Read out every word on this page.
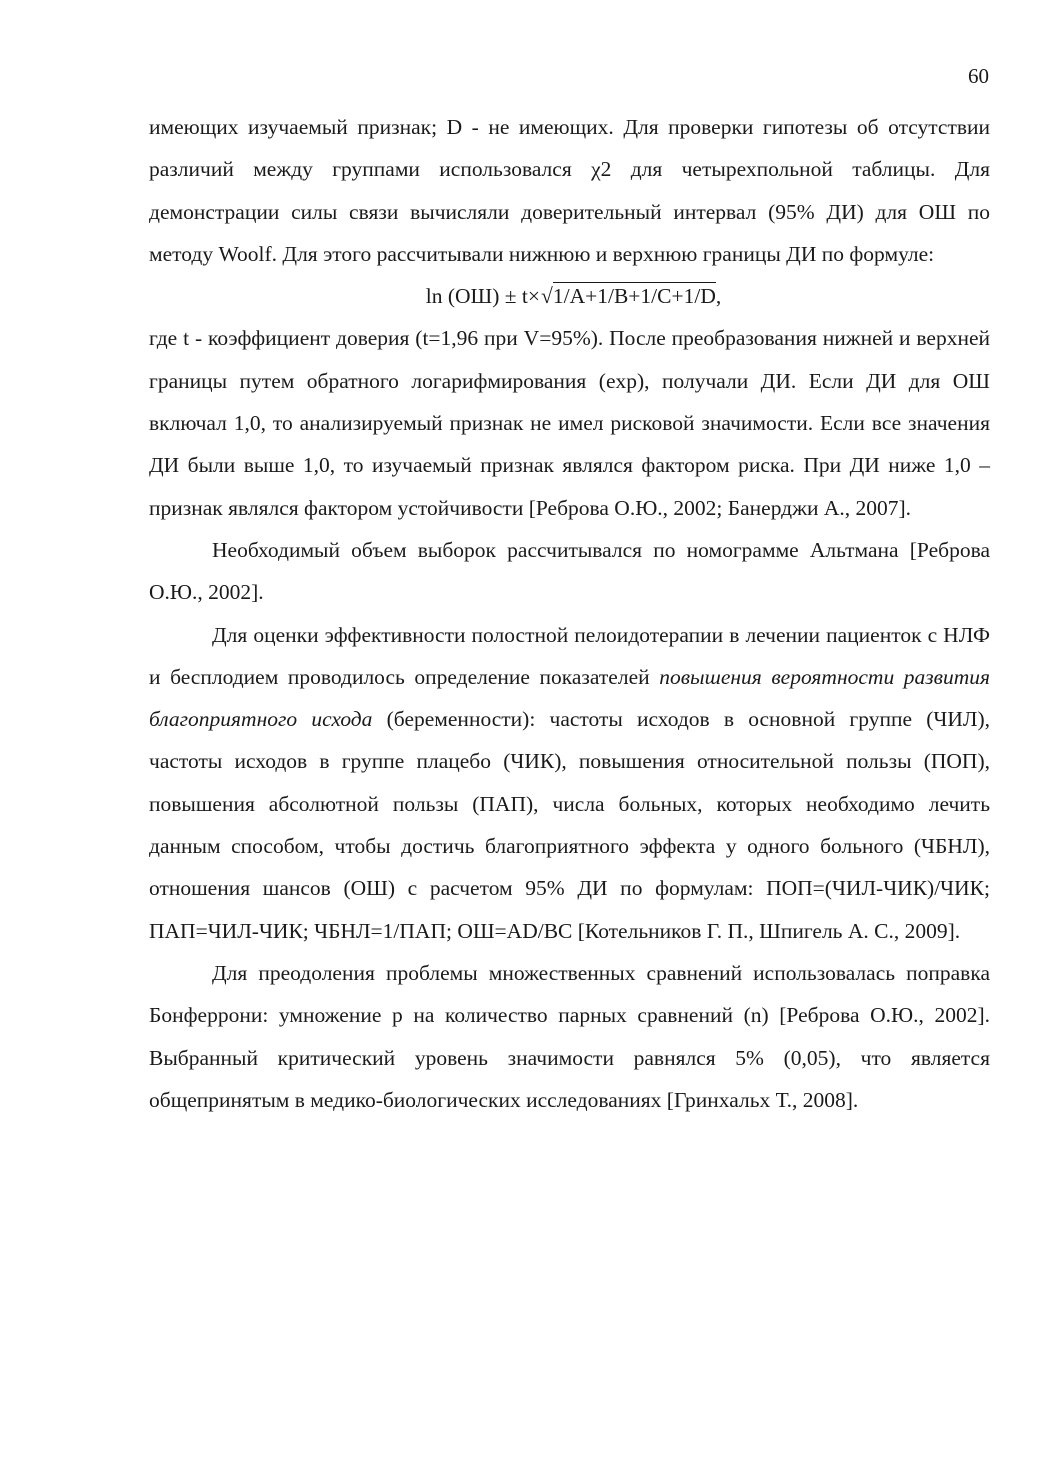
60

имеющих изучаемый признак; D - не имеющих. Для проверки гипотезы об отсутствии различий между группами использовался χ2 для четырехпольной таблицы. Для демонстрации силы связи вычисляли доверительный интервал (95% ДИ) для ОШ по методу Woolf. Для этого рассчитывали нижнюю и верхнюю границы ДИ по формуле:

ln (ОШ) ± t×√1/A+1/B+1/C+1/D,

где t - коэффициент доверия (t=1,96 при V=95%). После преобразования нижней и верхней границы путем обратного логарифмирования (exp), получали ДИ. Если ДИ для ОШ включал 1,0, то анализируемый признак не имел рисковой значимости. Если все значения ДИ были выше 1,0, то изучаемый признак являлся фактором риска. При ДИ ниже 1,0 – признак являлся фактором устойчивости [Реброва О.Ю., 2002; Банерджи А., 2007].

Необходимый объем выборок рассчитывался по номограмме Альтмана [Реброва О.Ю., 2002].

Для оценки эффективности полостной пелоидотерапии в лечении пациенток с НЛФ и бесплодием проводилось определение показателей повышения вероятности развития благоприятного исхода (беременности): частоты исходов в основной группе (ЧИЛ), частоты исходов в группе плацебо (ЧИК), повышения относительной пользы (ПОП), повышения абсолютной пользы (ПАП), числа больных, которых необходимо лечить данным способом, чтобы достичь благоприятного эффекта у одного больного (ЧБНЛ), отношения шансов (ОШ) с расчетом 95% ДИ по формулам: ПОП=(ЧИЛ-ЧИК)/ЧИК; ПАП=ЧИЛ-ЧИК; ЧБНЛ=1/ПАП; ОШ=AD/BC [Котельников Г. П., Шпигель А. С., 2009].

Для преодоления проблемы множественных сравнений использовалась поправка Бонферрони: умножение p на количество парных сравнений (n) [Реброва О.Ю., 2002]. Выбранный критический уровень значимости равнялся 5% (0,05), что является общепринятым в медико-биологических исследованиях [Гринхальх Т., 2008].
